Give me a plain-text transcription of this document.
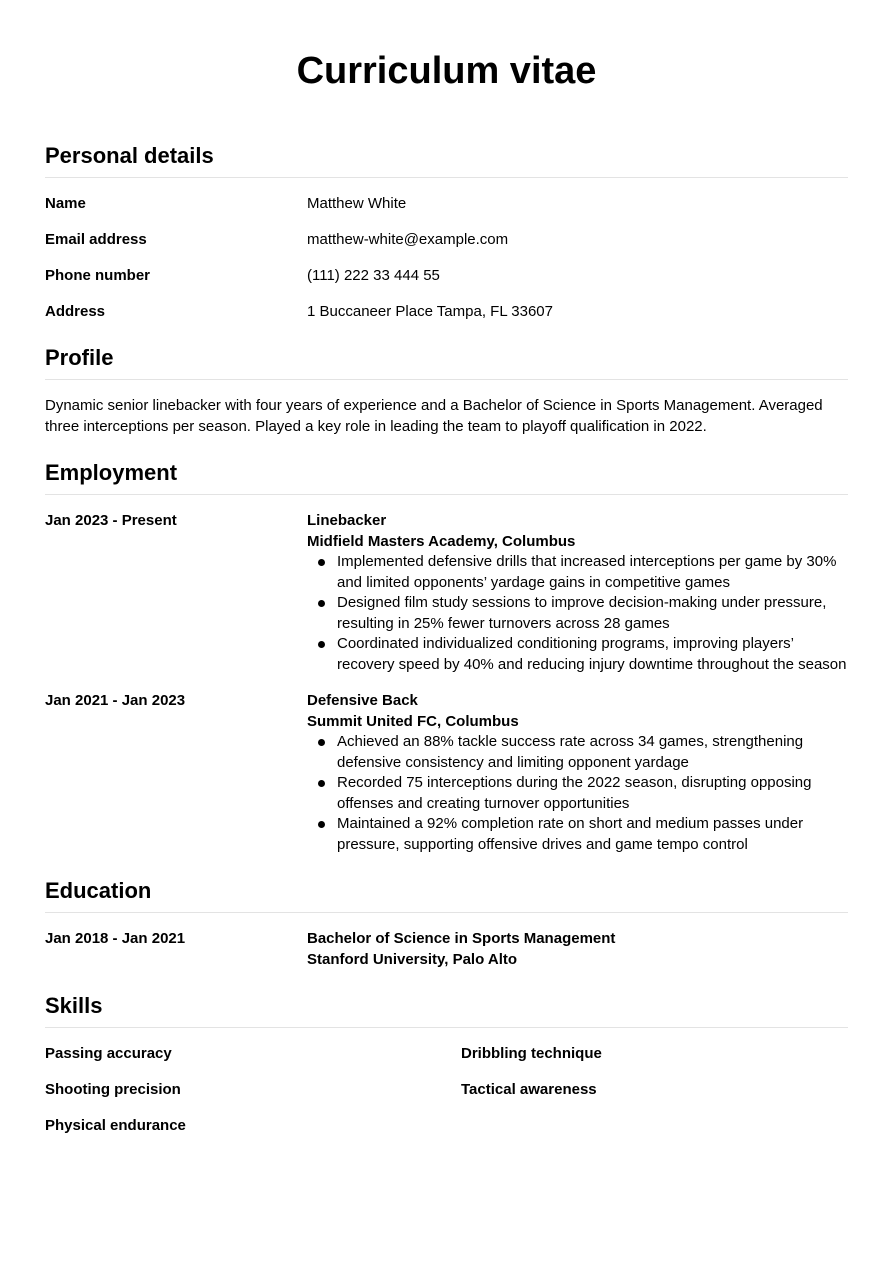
Curriculum vitae
Personal details
Name	Matthew White
Email address	matthew-white@example.com
Phone number	(111) 222 33 444 55
Address	1 Buccaneer Place Tampa, FL 33607
Profile

Dynamic senior linebacker with four years of experience and a Bachelor of Science in Sports Management. Averaged three interceptions per season. Played a key role in leading the team to playoff qualification in 2022.

Employment
Jan 2023 - Present	Linebacker
Midfield Masters Academy, Columbus
Implemented defensive drills that increased interceptions per game by 30% and limited opponents’ yardage gains in competitive games
Designed film study sessions to improve decision-making under pressure, resulting in 25% fewer turnovers across 28 games
Coordinated individualized conditioning programs, improving players’ recovery speed by 40% and reducing injury downtime throughout the season
Jan 2021 - Jan 2023	Defensive Back
Summit United FC, Columbus
Achieved an 88% tackle success rate across 34 games, strengthening defensive consistency and limiting opponent yardage
Recorded 75 interceptions during the 2022 season, disrupting opposing offenses and creating turnover opportunities
Maintained a 92% completion rate on short and medium passes under pressure, supporting offensive drives and game tempo control
Education
Jan 2018 - Jan 2021	Bachelor of Science in Sports Management
Stanford University, Palo Alto
Skills
Passing accuracy	Dribbling technique
Shooting precision	Tactical awareness
Physical endurance
